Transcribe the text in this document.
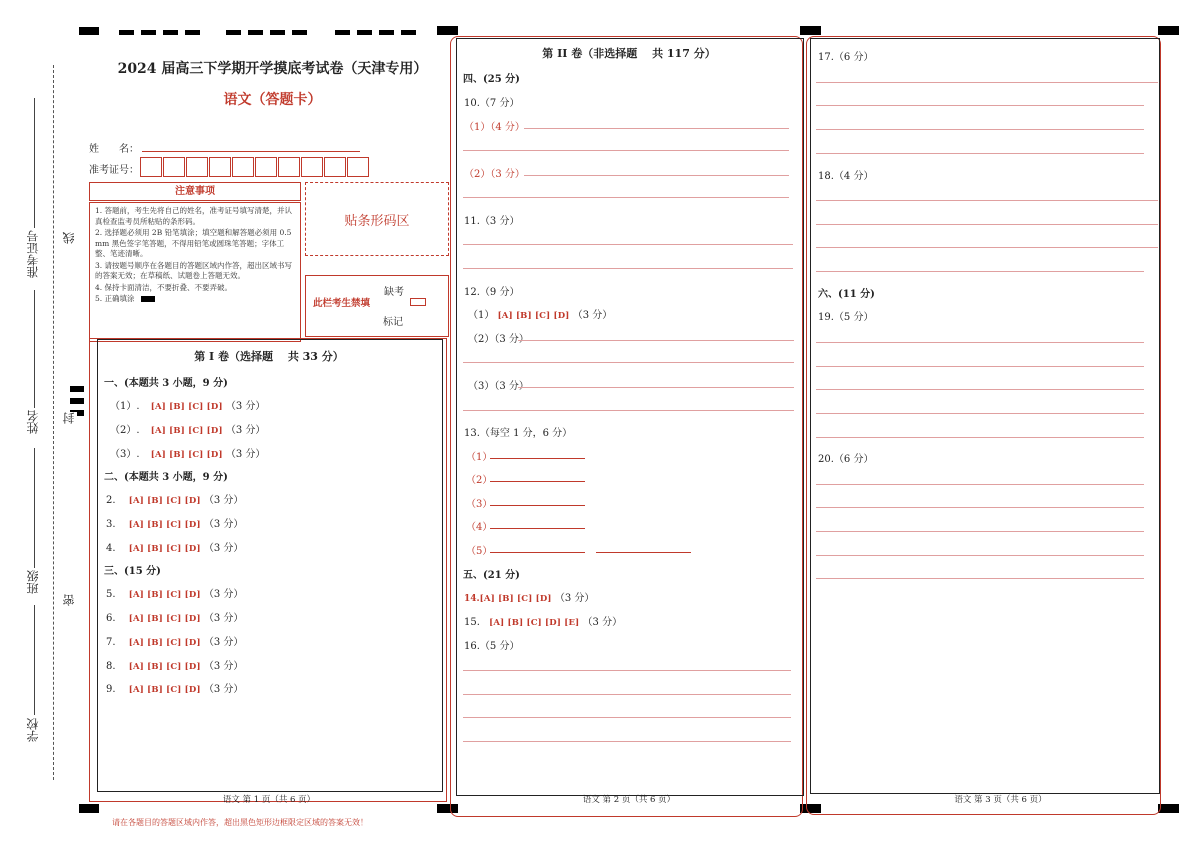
准考证号
姓名
班级
学校
线
封
密
2024 届高三下学期开学摸底考试卷（天津专用）
语文（答题卡）
姓　　名：
准考证号：
注意事项

1. 答题前，考生先将自己的姓名，准考证号填写清楚，并认真检查监考员所粘贴的条形码。

2. 选择题必须用 2B 铅笔填涂；填空题和解答题必须用 0.5 mm 黑色签字笔答题，不得用铅笔或圆珠笔答题；字体工整、笔迹清晰。

3. 请按题号顺序在各题目的答题区域内作答，超出区域书写的答案无效；在草稿纸、试题卷上答题无效。

4. 保持卡面清洁，不要折叠、不要弄破。

5. 正确填涂

贴条形码区
此栏考生禁填
缺考
标记
第 I 卷（选择题　 共 33 分）
一、(本题共 3 小题，9 分)
（1）. [A] [B] [C] [D] （3 分）
（2）. [A] [B] [C] [D] （3 分）
（3）. [A] [B] [C] [D] （3 分）
二、(本题共 3 小题，9 分)
2. [A] [B] [C] [D] （3 分）
3. [A] [B] [C] [D] （3 分）
4. [A] [B] [C] [D] （3 分）
三、(15 分)
5. [A] [B] [C] [D] （3 分）
6. [A] [B] [C] [D] （3 分）
7. [A] [B] [C] [D] （3 分）
8. [A] [B] [C] [D] （3 分）
9. [A] [B] [C] [D] （3 分）
语文 第 1 页（共 6 页）
请在各题目的答题区域内作答，超出黑色矩形边框限定区域的答案无效！
第 II 卷（非选择题　 共 117 分）
四、(25 分)
10.（7 分）
（1）（4 分）
（2）（3 分）
11.（3 分）
12.（9 分）
（1） [A] [B] [C] [D] （3 分）
（2）（3 分）
（3）（3 分）
13.（每空 1 分，6 分）
（1）
（2）
（3）
（4）
（5）
五、(21 分)
14.[A] [B] [C] [D] （3 分）
15. [A] [B] [C] [D] [E] （3 分）
16.（5 分）
语文 第 2 页（共 6 页）
17.（6 分）
18.（4 分）
六、(11 分)
19.（5 分）
20.（6 分）
语文 第 3 页（共 6 页）
